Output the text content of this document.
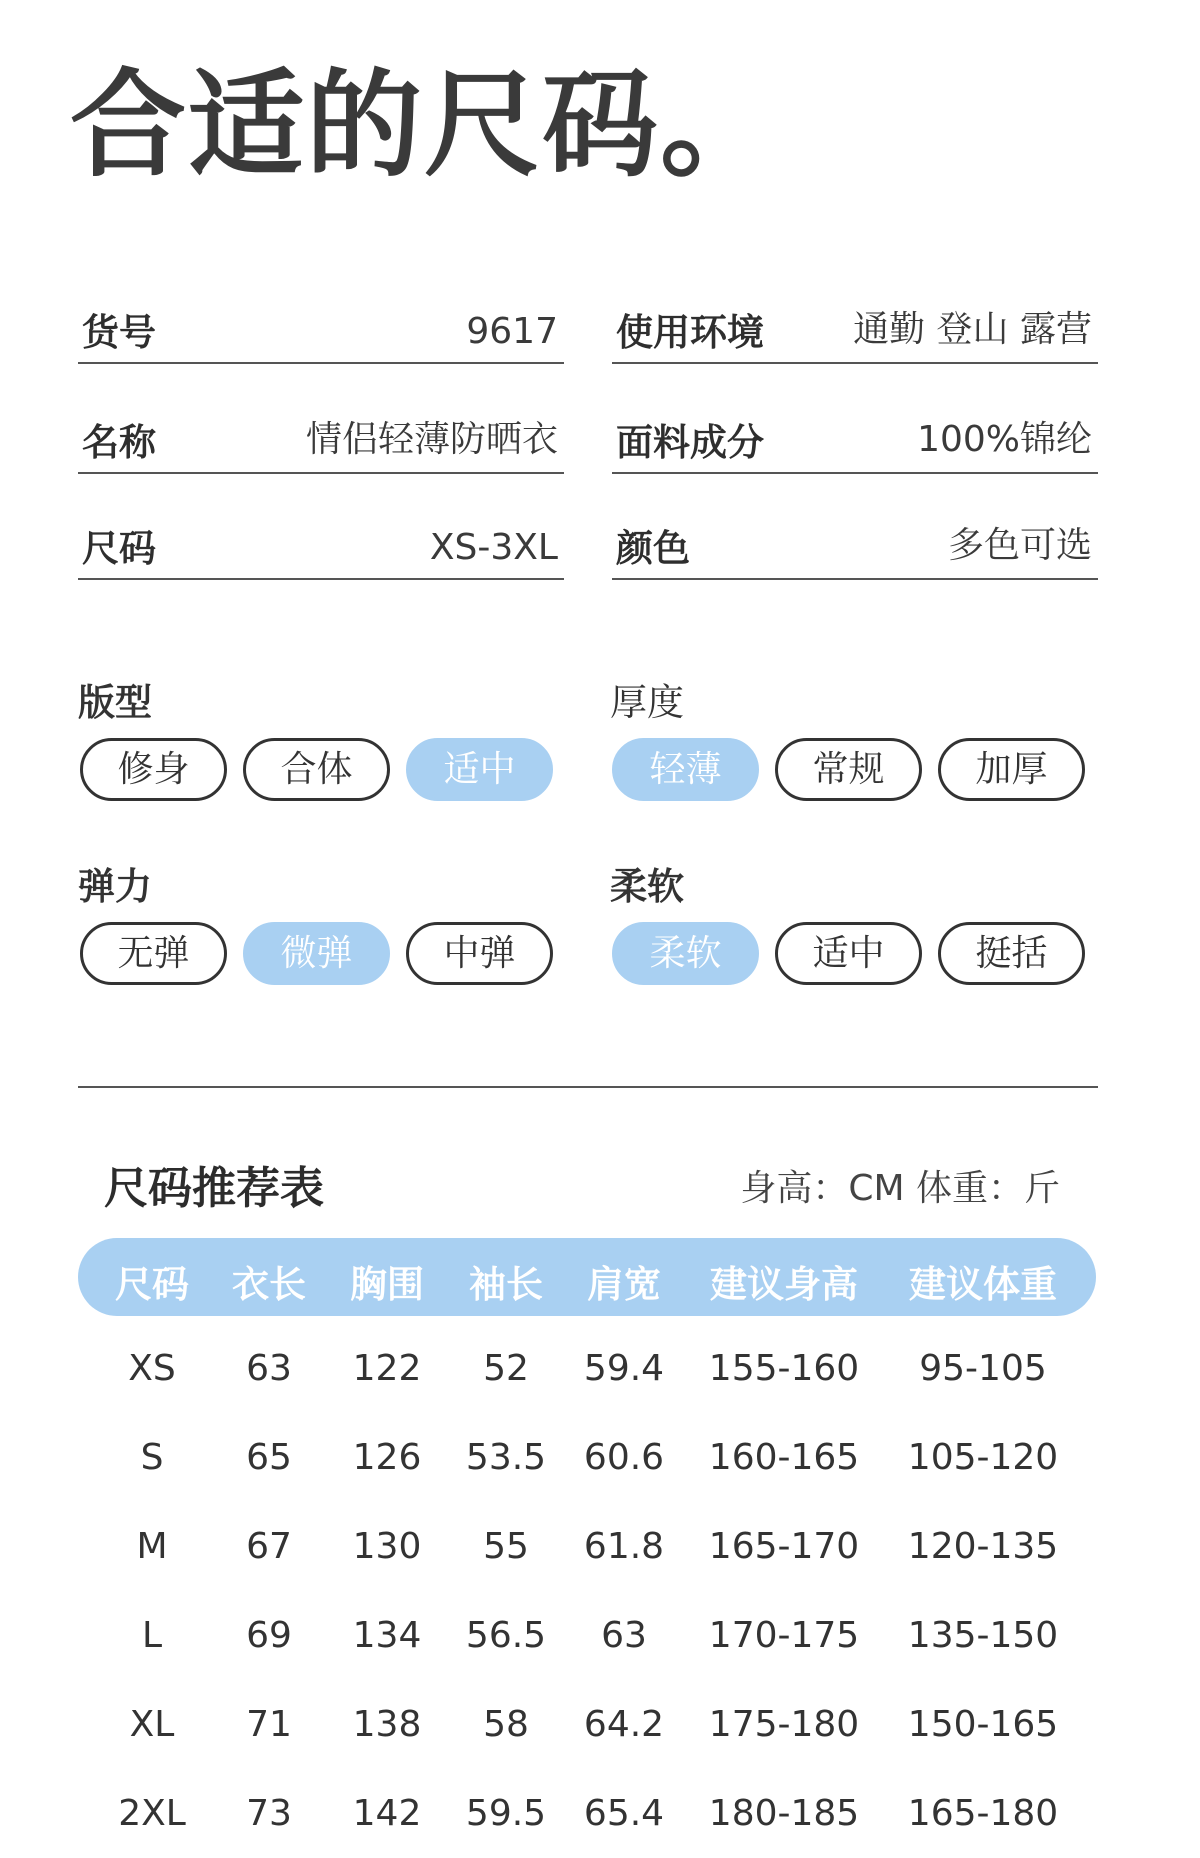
合适的尺码。
货号	9617
名称	情侣轻薄防晒衣
尺码	XS-3XL
使用环境 通勤 登山 露营
面料成分	100%锦纶
颜色	多色可选
版型	厚度
弹力	柔软
修身	合体	适中	轻薄	常规	加厚
无弹	微弹	中弹	柔软	适中	挺括
尺码推荐表	身高：CM 体重：斤
尺码 衣长 胸围 袖长 肩宽 建议身高 建议体重
XS 63 122 52 59.4 155-160 95-105
S 65 126 53.5 60.6 160-165 105-120
M 67 130 55 61.8 165-170 120-135
L 69 134 56.5 63 170-175 135-150
XL 71 138 58 64.2 175-180 150-165
2XL 73 142 59.5 65.4 180-185 165-180
